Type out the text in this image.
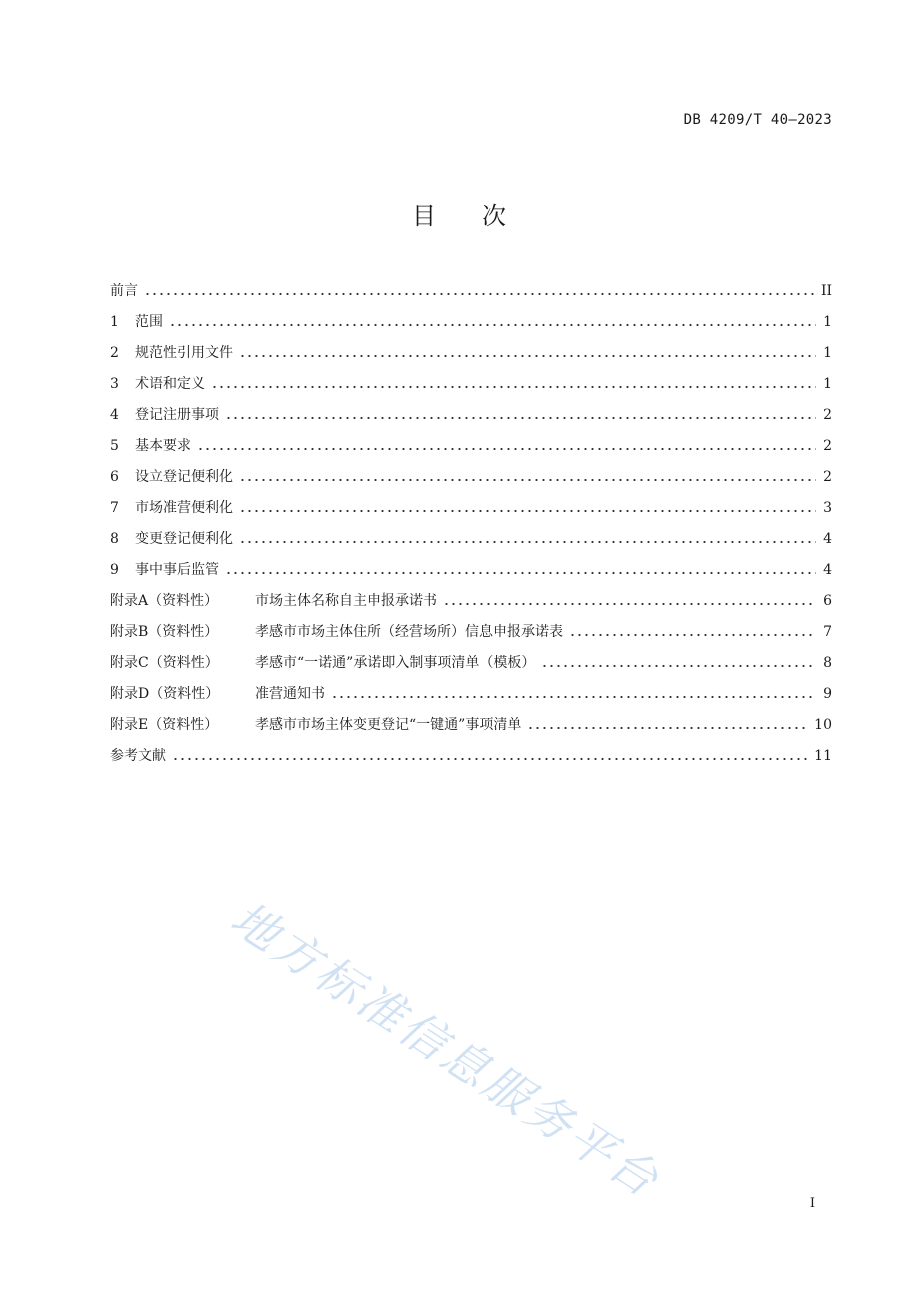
DB 4209/T 40—2023
目 次
前言	II
1 范围	1
2 规范性引用文件	1
3 术语和定义	1
4 登记注册事项	2
5 基本要求	2
6 设立登记便利化	2
7 市场准营便利化	3
8 变更登记便利化	4
9 事中事后监管	4
附录A（资料性）	市场主体名称自主申报承诺书	6
附录B（资料性）	孝感市市场主体住所（经营场所）信息申报承诺表	7
附录C（资料性）	孝感市“一诺通”承诺即入制事项清单（模板）	8
附录D（资料性）	准营通知书	9
附录E（资料性）	孝感市市场主体变更登记“一键通”事项清单	10
参考文献	11
地方标准信息服务平台	I
